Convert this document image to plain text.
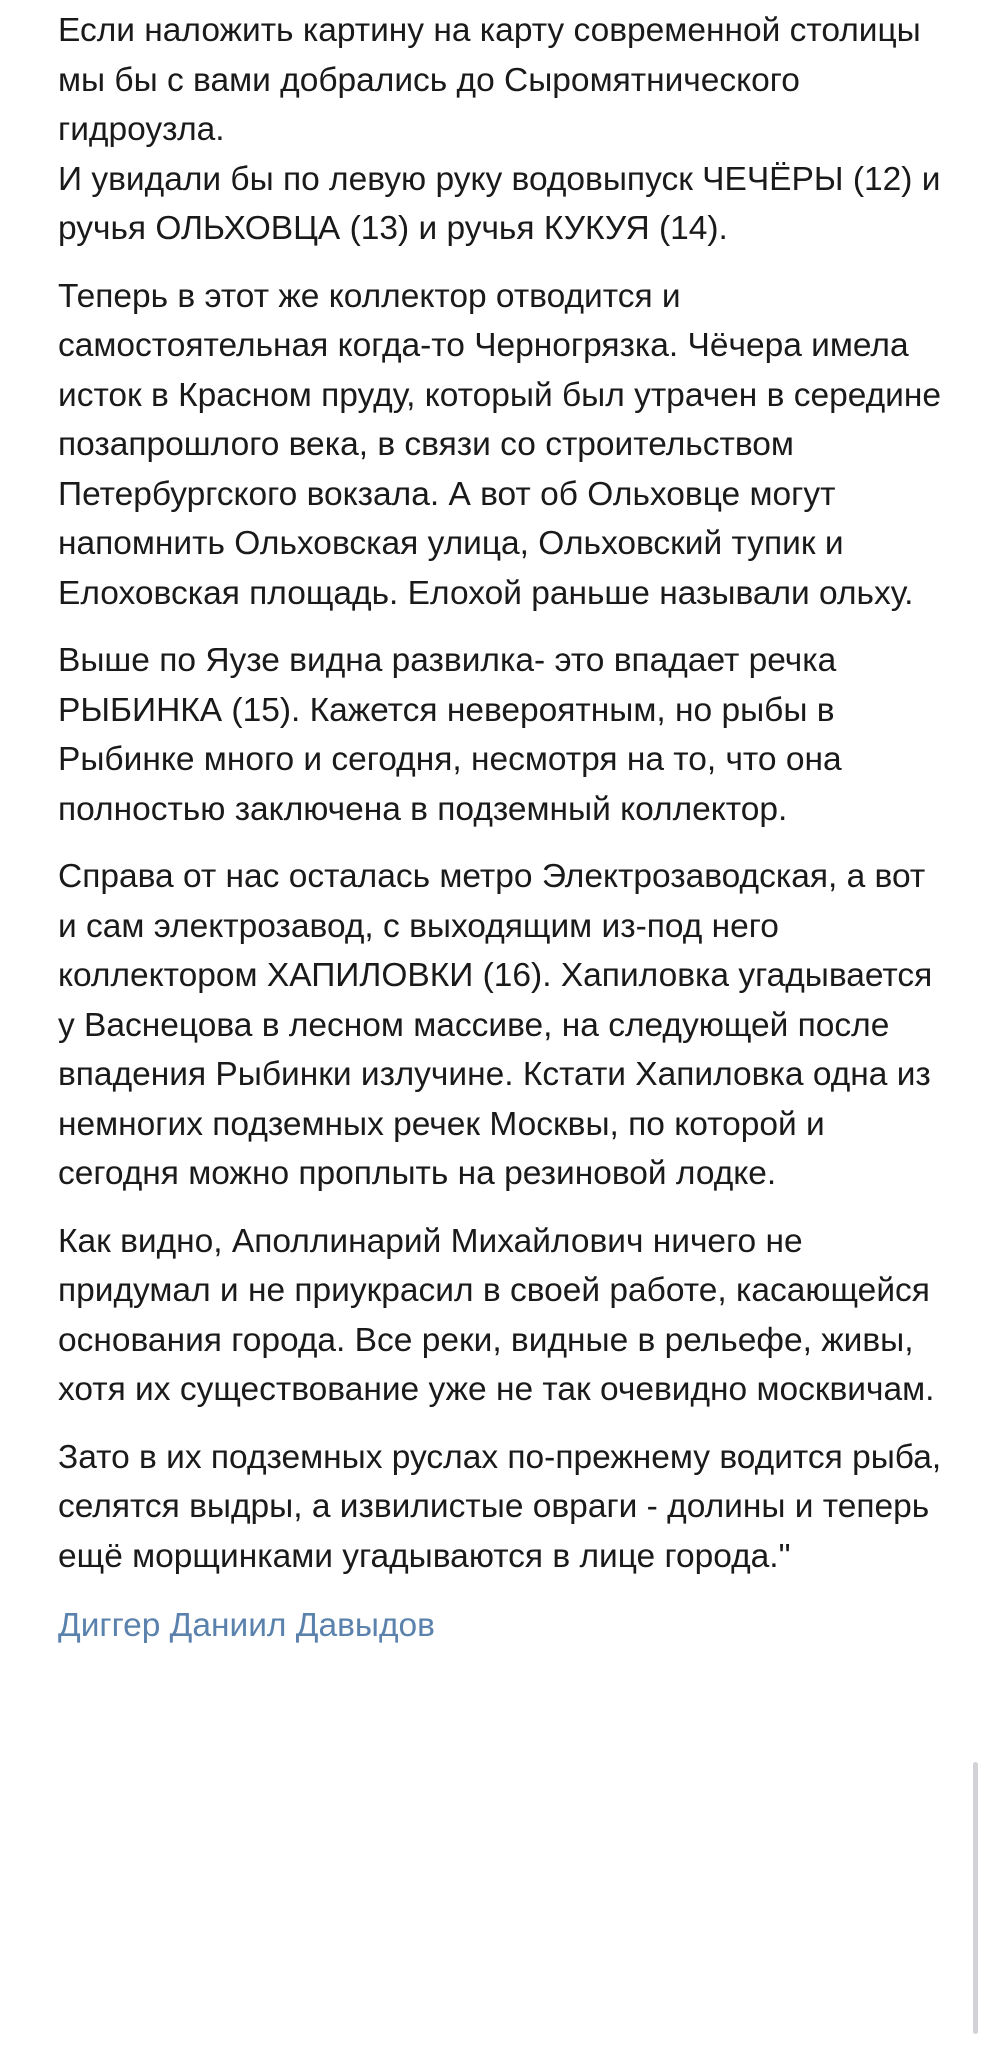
Если наложить картину на карту современной столицы мы бы с вами добрались до Сыромятнического гидроузла.
И увидали бы по левую руку водовыпуск ЧЕЧЁРЫ (12) и ручья ОЛЬХОВЦА (13) и ручья КУКУЯ (14).

Теперь в этот же коллектор отводится и самостоятельная когда-то Черногрязка. Чёчера имела исток в Красном пруду, который был утрачен в середине позапрошлого века, в связи со строительством Петербургского вокзала. А вот об Ольховце могут напомнить Ольховская улица, Ольховский тупик и Елоховская площадь. Елохой раньше называли ольху.

Выше по Яузе видна развилка- это впадает речка РЫБИНКА (15). Кажется невероятным, но рыбы в Рыбинке много и сегодня, несмотря на то, что она полностью заключена в подземный коллектор.

Справа от нас осталась метро Электрозаводская, а вот и сам электрозавод, с выходящим из-под него коллектором ХАПИЛОВКИ (16). Хапиловка угадывается у Васнецова в лесном массиве, на следующей после впадения Рыбинки излучине. Кстати Хапиловка одна из немногих подземных речек Москвы, по которой и сегодня можно проплыть на резиновой лодке.

Как видно, Аполлинарий Михайлович ничего не придумал и не приукрасил в своей работе, касающейся основания города. Все реки, видные в рельефе, живы, хотя их существование уже не так очевидно москвичам.

Зато в их подземных руслах по-прежнему водится рыба, селятся выдры, а извилистые овраги - долины и теперь ещё морщинками угадываются в лице города."

Диггер Даниил Давыдов
